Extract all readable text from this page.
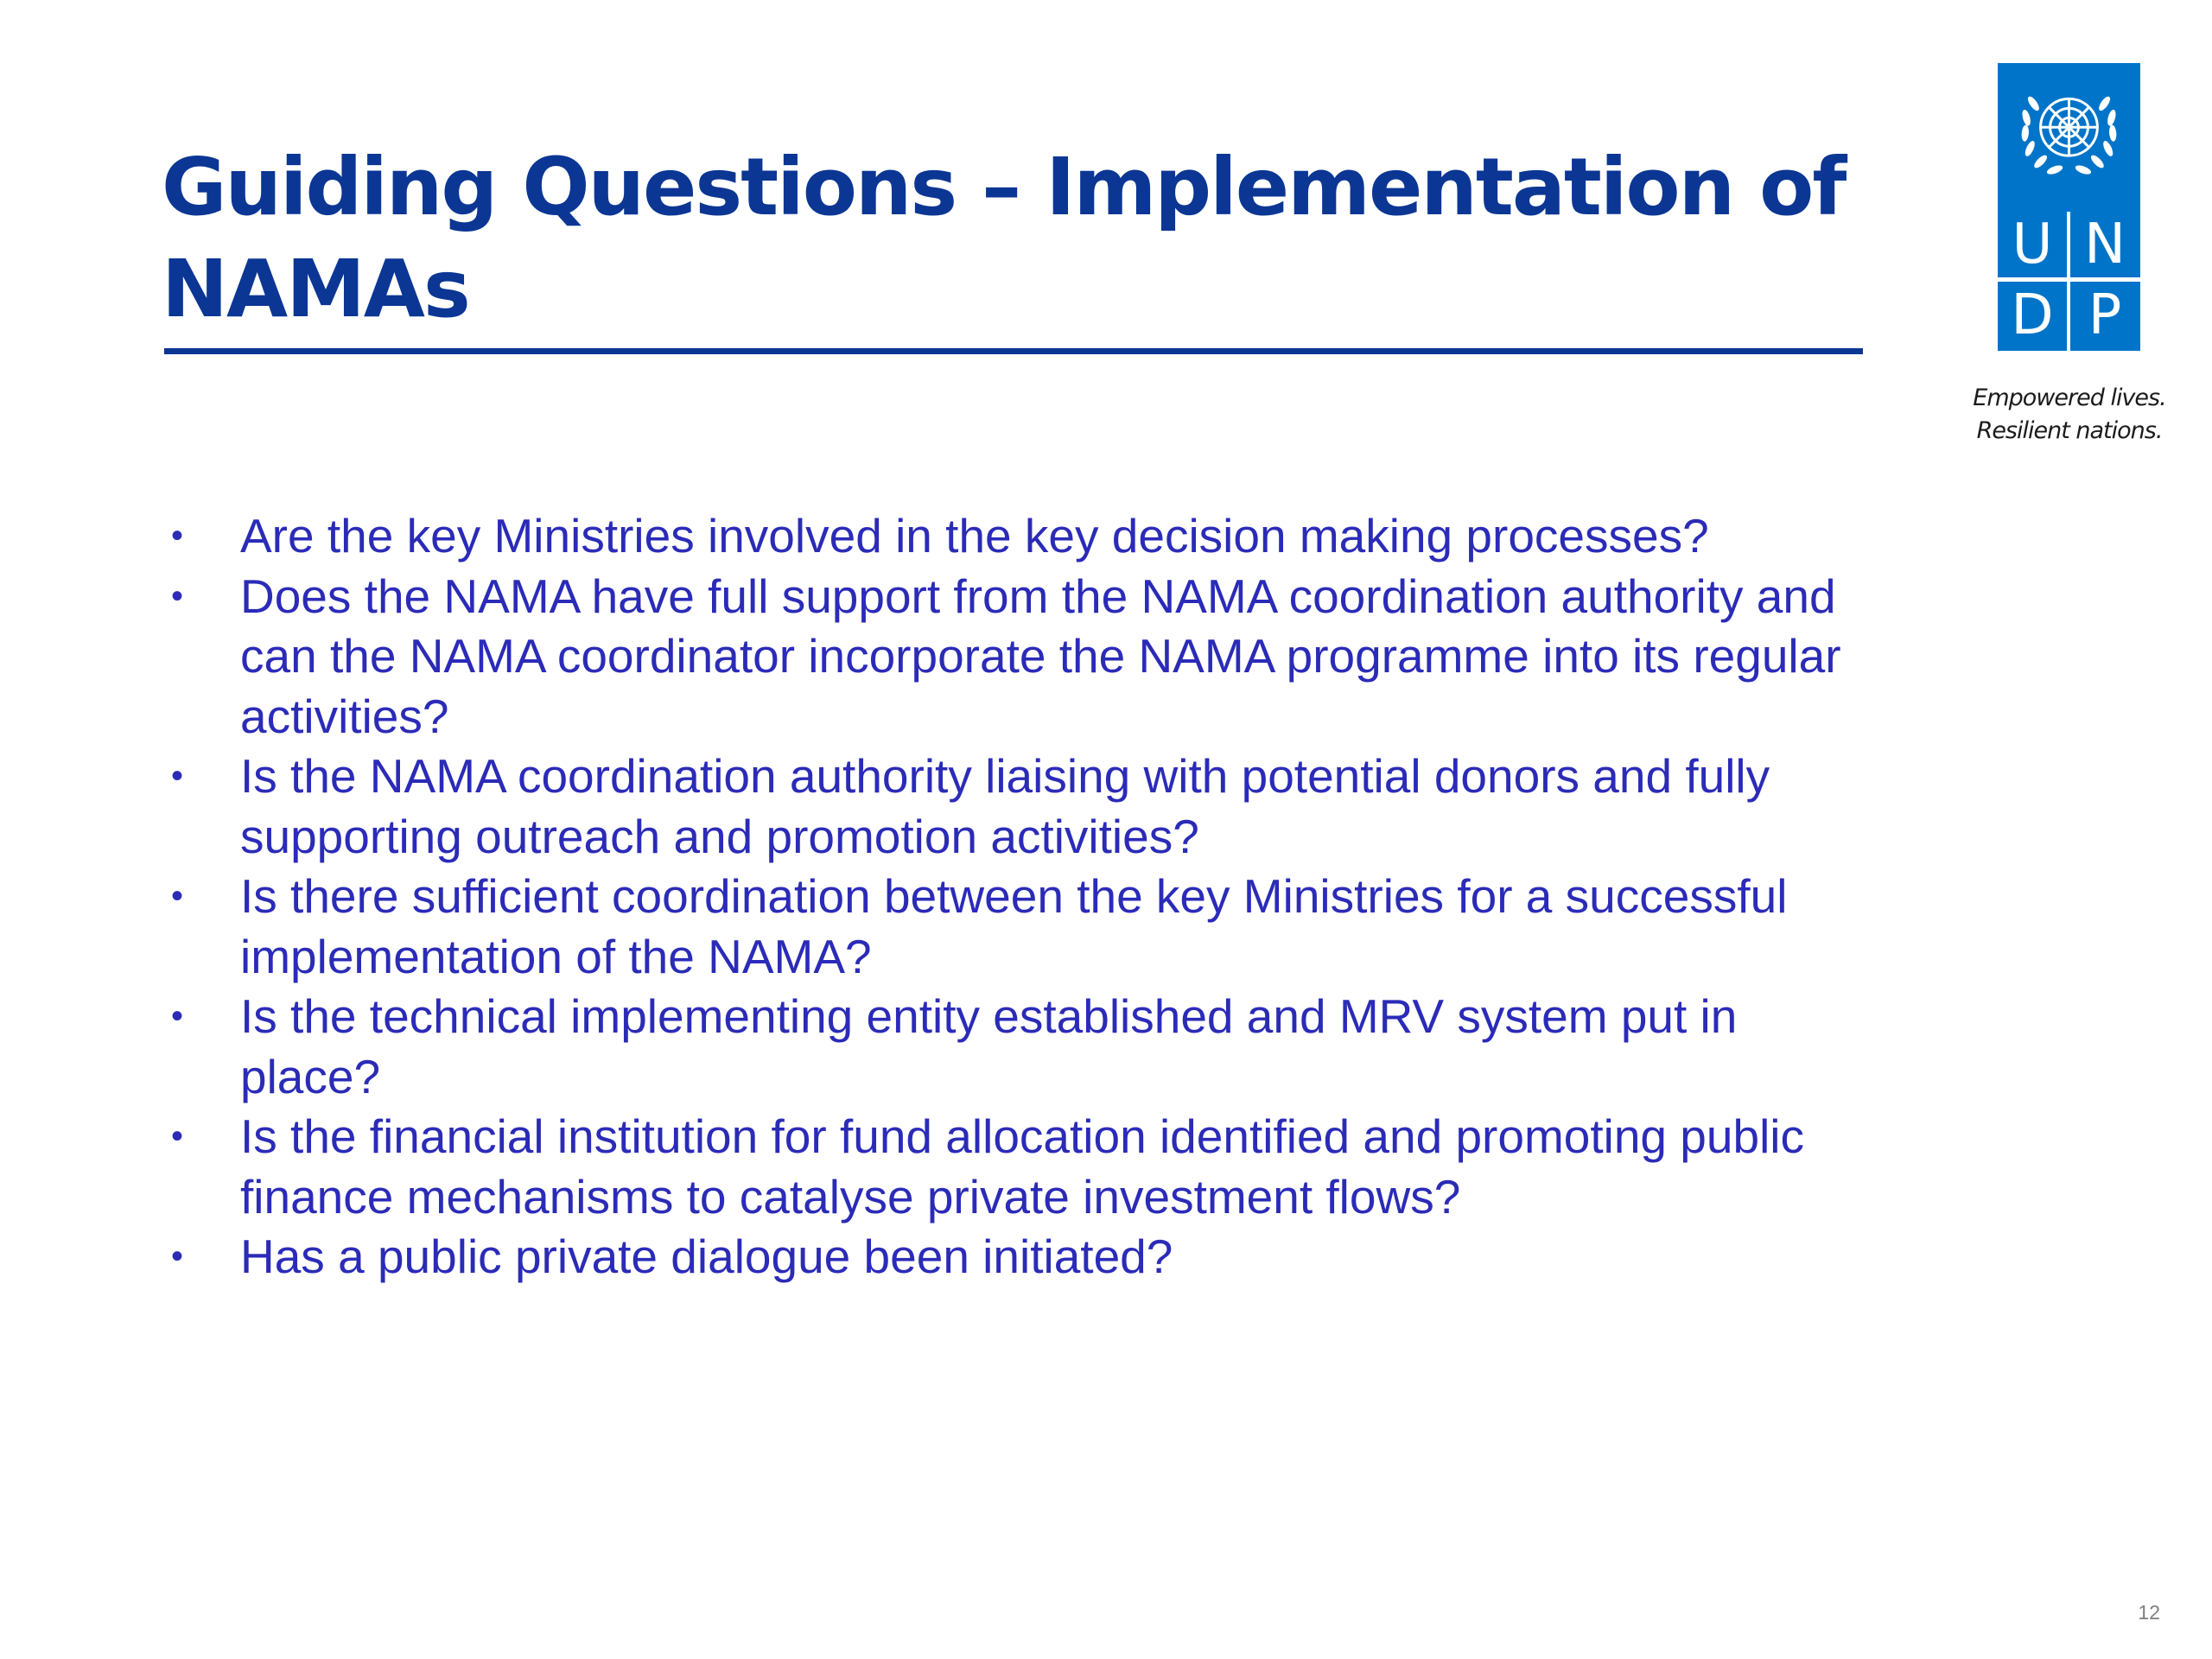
Guiding Questions – Implementation of
NAMAs	U N
D P
Empowered lives.
Resilient nations.
• Are the key Ministries involved in the key decision making processes?
• Does the NAMA have full support from the NAMA coordination authority and can the NAMA coordinator incorporate the NAMA programme into its regular activities?
• Is the NAMA coordination authority liaising with potential donors and fully supporting outreach and promotion activities?
• Is there sufficient coordination between the key Ministries for a successful implementation of the NAMA?
• Is the technical implementing entity established and MRV system put in place?
• Is the financial institution for fund allocation identified and promoting public finance mechanisms to catalyse private investment flows?
• Has a public private dialogue been initiated?
12
